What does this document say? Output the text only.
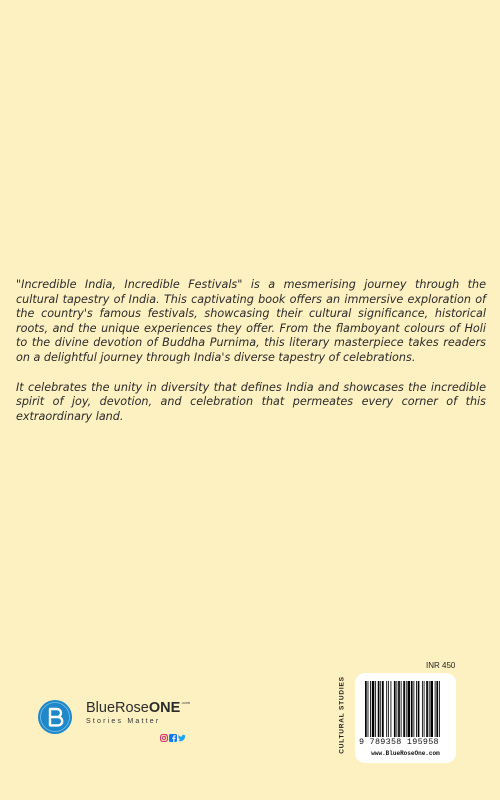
"Incredible India, Incredible Festivals" is a mesmerising journey through the cultural tapestry of India. This captivating book offers an immersive exploration of the country's famous festivals, showcasing their cultural significance, historical roots, and the unique experiences they offer. From the flamboyant colours of Holi to the divine devotion of Buddha Purnima, this literary masterpiece takes readers on a delightful journey through India's diverse tapestry of celebrations.

It celebrates the unity in diversity that defines India and showcases the incredible spirit of joy, devotion, and celebration that permeates every corner of this extraordinary land.

CULTURAL STUDIES
INR 450
9 789358 195958
www.BlueRoseOne.com
BlueRoseONE$^{.com}$
Stories Matter
